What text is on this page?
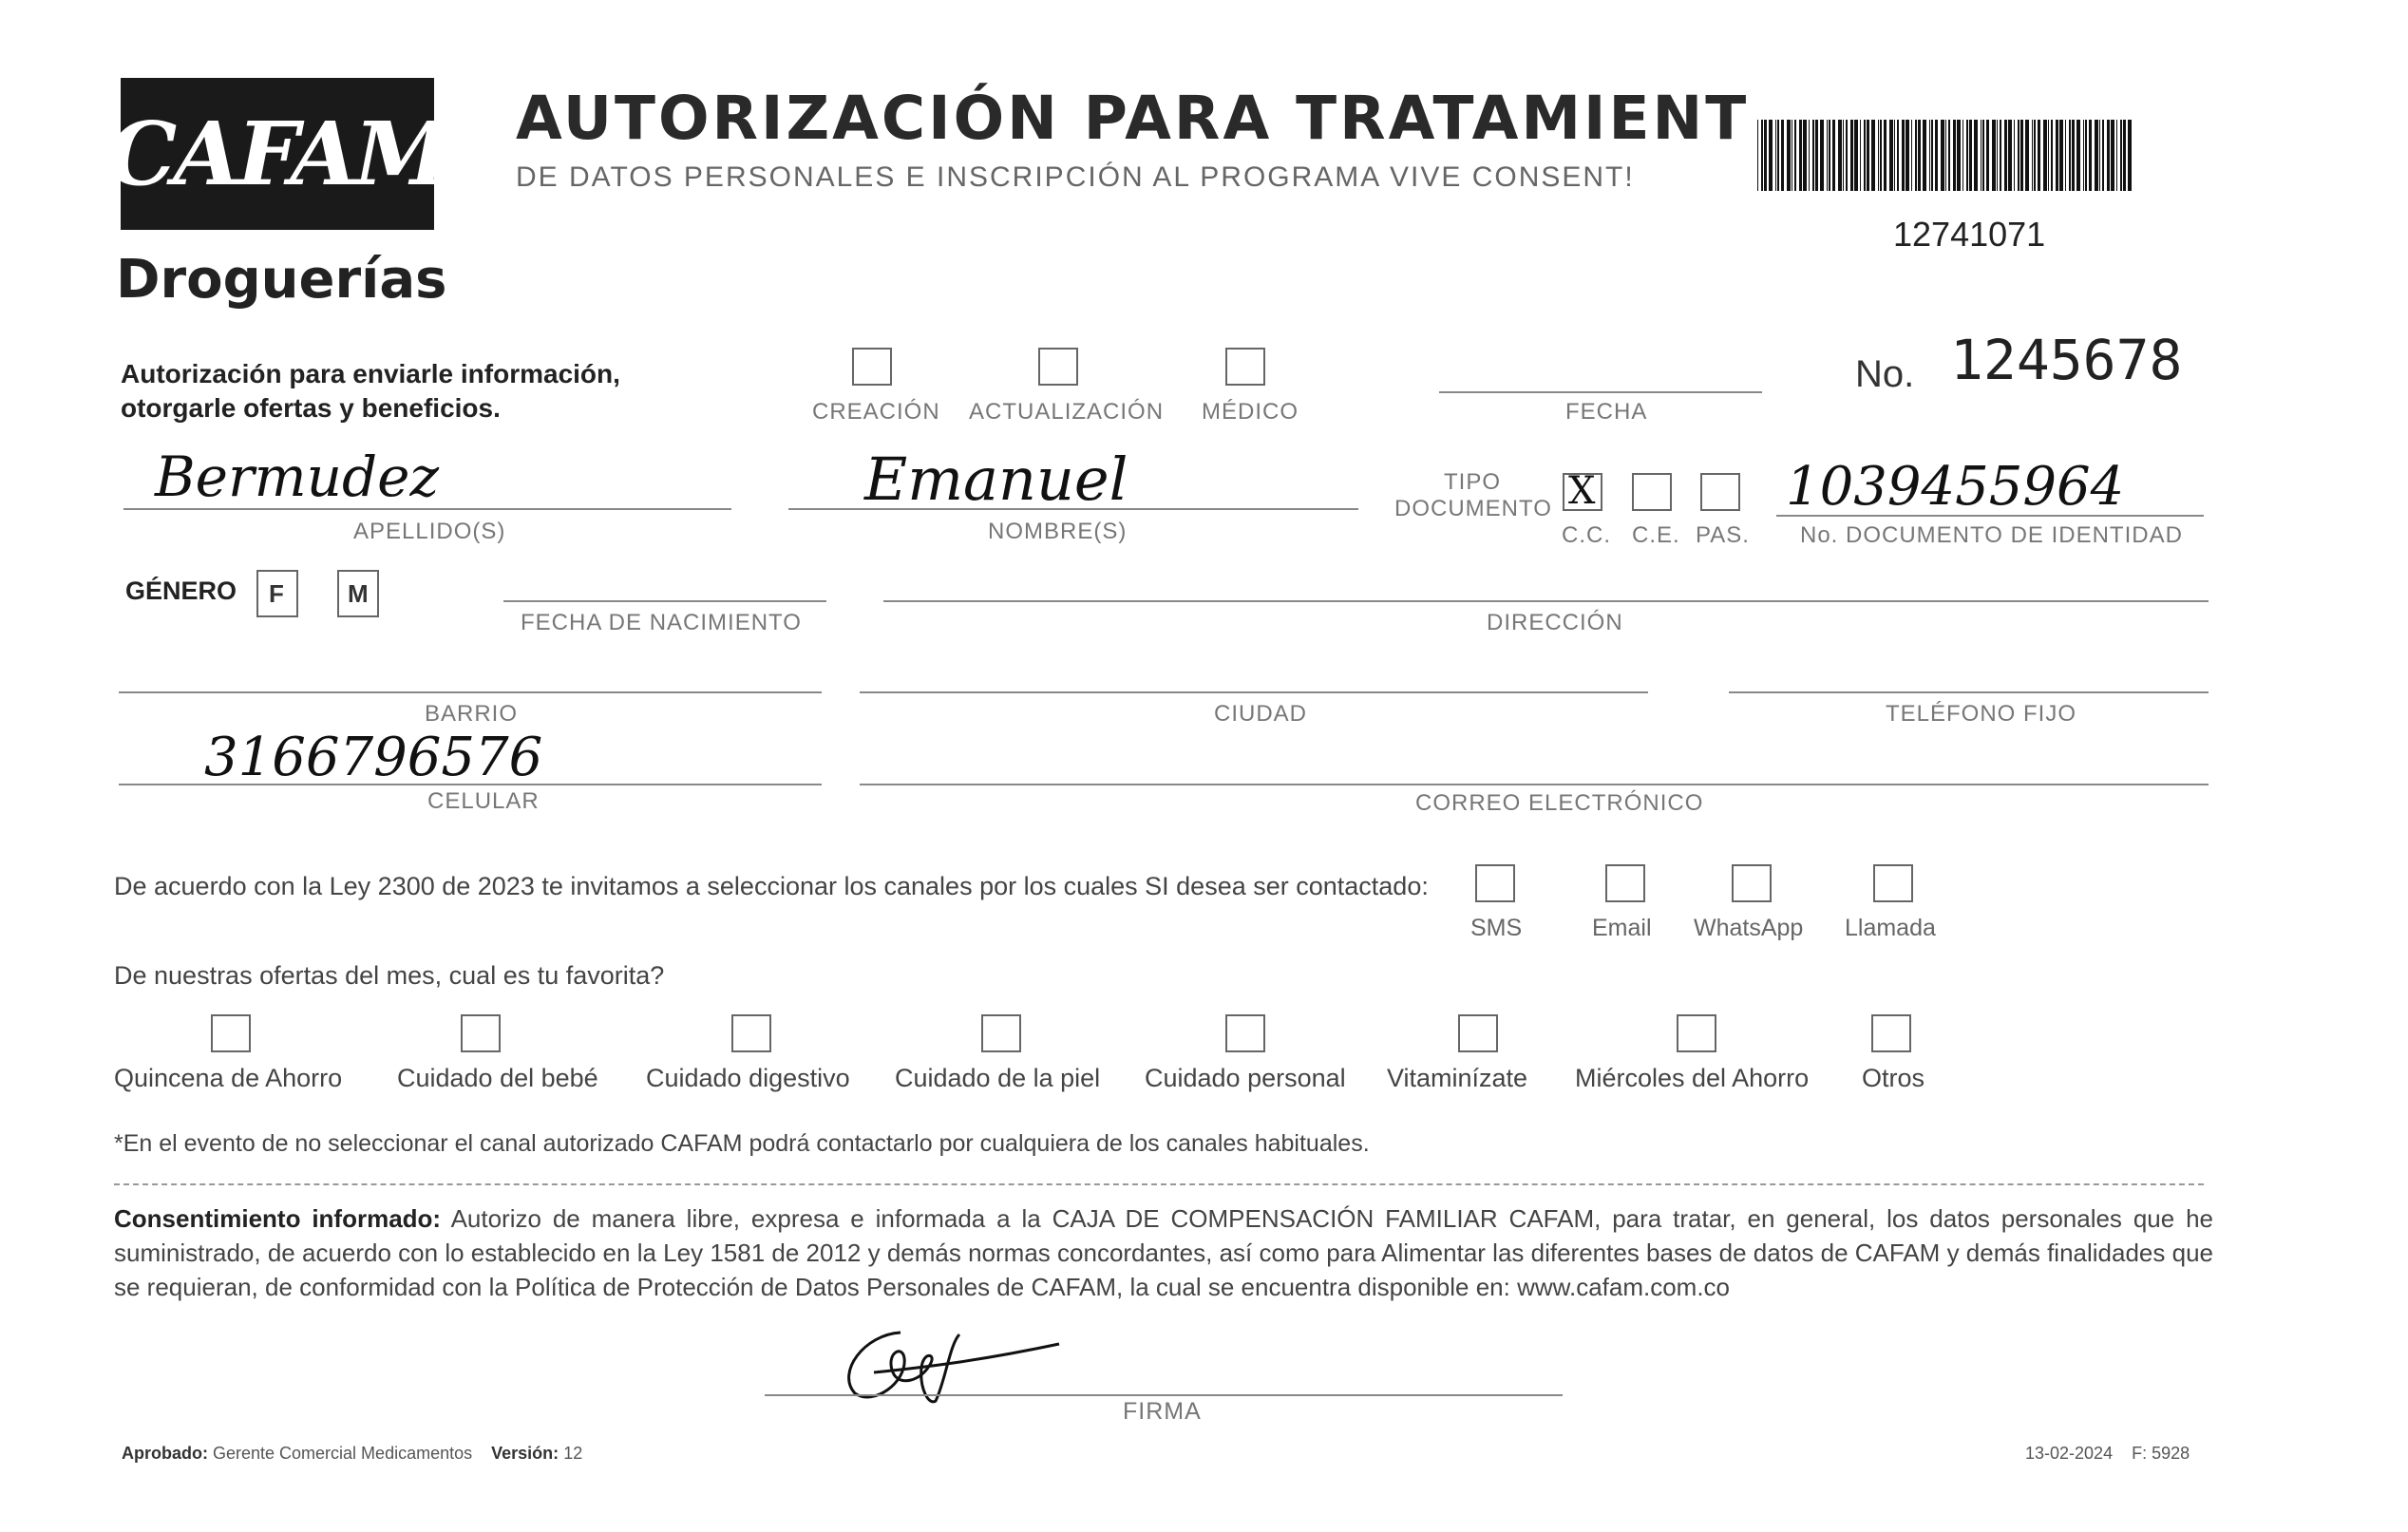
CAFAM
Droguerías
AUTORIZACIÓN PARA TRATAMIENT
DE DATOS PERSONALES E INSCRIPCIÓN AL PROGRAMA VIVE CONSENT!
12741071
Autorización para enviarle información,
otorgarle ofertas y beneficios.	CREACIÓN ACTUALIZACIÓN MÉDICO	FECHA
No. 1245678
Bermudez
APELLIDO(S)
Emanuel
NOMBRE(S)
TIPO
DOCUMENTO X
C.C. C.E. PAS.
1039455964
No. DOCUMENTO DE IDENTIDAD
GÉNERO F	M
FECHA DE NACIMIENTO	DIRECCIÓN
BARRIO	CIUDAD	TELÉFONO FIJO
3166796576
CELULAR	CORREO ELECTRÓNICO
De acuerdo con la Ley 2300 de 2023 te invitamos a seleccionar los canales por los cuales SI desea ser contactado:
SMS	Email WhatsApp Llamada
De nuestras ofertas del mes, cual es tu favorita?
Quincena de Ahorro Cuidado del bebé Cuidado digestivo Cuidado de la piel Cuidado personal Vitaminízate Miércoles del Ahorro Otros
*En el evento de no seleccionar el canal autorizado CAFAM podrá contactarlo por cualquiera de los canales habituales.
Consentimiento informado: Autorizo de manera libre, expresa e informada a la CAJA DE COMPENSACIÓN FAMILIAR CAFAM, para tratar, en general, los datos personales que he suministrado, de acuerdo con lo establecido en la Ley 1581 de 2012 y demás normas concordantes, así como para Alimentar las diferentes bases de datos de CAFAM y demás finalidades que se requieran, de conformidad con la Política de Protección de Datos Personales de CAFAM, la cual se encuentra disponible en: www.cafam.com.co
FIRMA
Aprobado: Gerente Comercial Medicamentos Versión: 12	13-02-2024 F: 5928
